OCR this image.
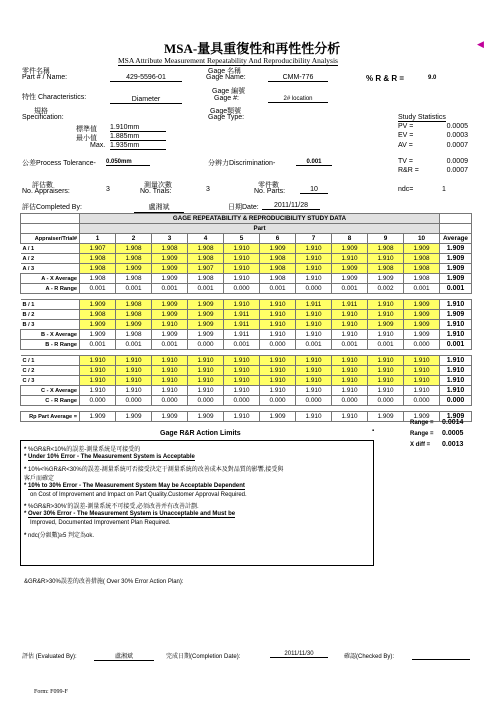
MSA-量具重復性和再性性分析	◀
MSA Attribute Measurement Repeatability And Reproducibility Analysis
零件名稱
Part # / Name:	429-5596-01
特性 Characteristics:	Diameter
規格
Specification:
標準值 1.910mm
最小值 1.885mm
Max. 1.935mm
Gage 名稱
Gage Name:	CMM-776
Gage 編號
Gage #:	2# location
Gage類號
Gage Type:
% R & R =	9.0
Study Statistics
PV =	0.0005
EV =	0.0003
AV =	0.0007
TV =	0.0009
R&R =	0.0007
ndc=	1
公差Process Tolerance- 0.050mm	分辨力Discrimination-	0.001
評估數
No. Appraisers:	3
測量次數
No. Trials:	3
零件數
No. Parts:	10
評估Completed By:	盧湘斌	日期Date:	2011/11/28
	GAGE REPEATABILITY & REPRODUCIBILITY STUDY DATA										
	Part										
Appraiser/Trial#	1	2	3	4	5	6	7	8	9	10	Average
A / 1	1.907	1.908	1.908	1.908	1.910	1.909	1.910	1.909	1.908	1.909	1.909
A / 2	1.908	1.908	1.909	1.908	1.910	1.908	1.910	1.910	1.910	1.908	1.909
A / 3	1.908	1.909	1.909	1.907	1.910	1.908	1.910	1.909	1.908	1.908	1.909
A - X Average	1.908	1.908	1.909	1.908	1.910	1.908	1.910	1.909	1.909	1.908	1.909
A - R Range	0.001	0.001	0.001	0.001	0.000	0.001	0.000	0.001	0.002	0.001	0.001

B / 1	1.909	1.908	1.909	1.909	1.910	1.910	1.911	1.911	1.910	1.909	1.910
B / 2	1.908	1.908	1.909	1.909	1.911	1.910	1.910	1.910	1.910	1.909	1.909
B / 3	1.909	1.909	1.910	1.909	1.911	1.910	1.910	1.910	1.909	1.909	1.910
B - X Average	1.909	1.908	1.909	1.909	1.911	1.910	1.910	1.910	1.910	1.909	1.910
B - R Range	0.001	0.001	0.001	0.000	0.001	0.000	0.001	0.001	0.001	0.000	0.001

C / 1	1.910	1.910	1.910	1.910	1.910	1.910	1.910	1.910	1.910	1.910	1.910
C / 2	1.910	1.910	1.910	1.910	1.910	1.910	1.910	1.910	1.910	1.910	1.910
C / 3	1.910	1.910	1.910	1.910	1.910	1.910	1.910	1.910	1.910	1.910	1.910
C - X Average	1.910	1.910	1.910	1.910	1.910	1.910	1.910	1.910	1.910	1.910	1.910
C - R Range	0.000	0.000	0.000	0.000	0.000	0.000	0.000	0.000	0.000	0.000	0.000

Rp Part Average =	1.909	1.909	1.909	1.909	1.910	1.909	1.910	1.910	1.909	1.909	1.909
Range = 0.0014
▪	Range = 0.0005
X diff = 0.0013
Gage R&R Action Limits
* %GR&R<10%的誤差-測量系統是可接受的
* Under 10% Error - The Measurement System is Acceptable
* 10%<%GR&R<30%的誤差-測量系統可否接受決定于測量系統的改善成本及對品質的影響,接受與
客戶而確定
* 10% to 30% Error - The Measurement System May be Acceptable Dependent
on Cost of Improvement and Impact on Part Quality.Customer Approval Required.
* %GR&R>30%'的誤差-測量系統不可接受,必須改善并有改善計劃.
* Over 30% Error - The Measurement System is Unacceptable and Must be
Improved, Documented Improvement Plan Required.
* ndc(分級數)≥5 判定為ok.
&GR&R>30%誤差的改善措施( Over 30% Error Action Plan):
評估 (Evaluated By):	盧湘斌	完成日期(Completion Date):	2011/11/30	確認(Checked By):
Form: F099-F
